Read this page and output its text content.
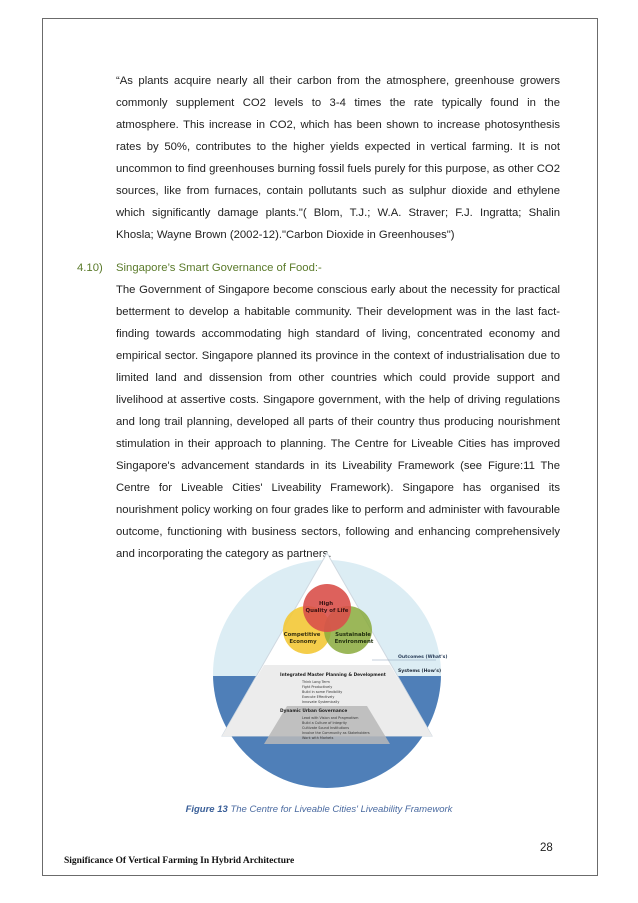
“As plants acquire nearly all their carbon from the atmosphere, greenhouse growers commonly supplement CO2 levels to 3-4 times the rate typically found in the atmosphere. This increase in CO2, which has been shown to increase photosynthesis rates by 50%, contributes to the higher yields expected in vertical farming. It is not uncommon to find greenhouses burning fossil fuels purely for this purpose, as other CO2 sources, like from furnaces, contain pollutants such as sulphur dioxide and ethylene which significantly damage plants."( Blom, T.J.; W.A. Straver; F.J. Ingratta; Shalin Khosla; Wayne Brown (2002-12)."Carbon Dioxide in Greenhouses")
4.10) Singapore’s Smart Governance of Food:-
The Government of Singapore become conscious early about the necessity for practical betterment to develop a habitable community. Their development was in the last fact-finding towards accommodating high standard of living, concentrated economy and empirical sector. Singapore planned its province in the context of industrialisation due to limited land and dissension from other countries which could provide support and livelihood at assertive costs. Singapore government, with the help of driving regulations and long trail planning, developed all parts of their country thus producing nourishment stimulation in their approach to planning. The Centre for Liveable Cities has improved Singapore's advancement standards in its Liveability Framework (see Figure:11 The Centre for Liveable Cities' Liveability Framework). Singapore has organised its nourishment policy working on four grades like to perform and administer with favourable outcome, functioning with business sectors, following and enhancing comprehensively and incorporating the category as partners.
High Quality of Life
Competitive Economy
Sustainable Environment
Outcomes (What's)
Systems (How's)
Integrated Master Planning & Development
Think Long Term
Fight Productively
Build in some Flexibility
Execute Effectively
Innovate Systemically
Dynamic Urban Governance
Lead with Vision and Pragmatism
Build a Culture of Integrity
Cultivate Sound Institutions
Involve the Community as Stakeholders
Work with Markets
Figure 13 The Centre for Liveable Cities' Liveability Framework
28
Significance Of Vertical Farming In Hybrid Architecture
